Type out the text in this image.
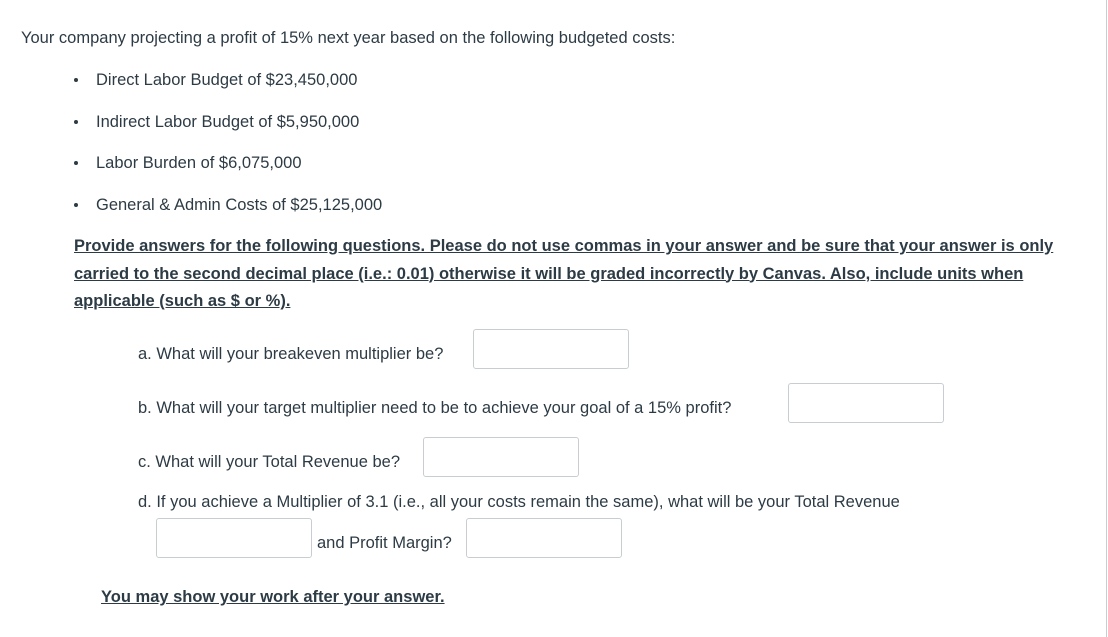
Your company projecting a profit of 15% next year based on the following budgeted costs:
Direct Labor Budget of $23,450,000
Indirect Labor Budget of $5,950,000
Labor Burden of $6,075,000
General & Admin Costs of $25,125,000
Provide answers for the following questions. Please do not use commas in your answer and be sure that your answer is only carried to the second decimal place (i.e.: 0.01) otherwise it will be graded incorrectly by Canvas. Also, include units when applicable (such as $ or %).
a. What will your breakeven multiplier be?
b. What will your target multiplier need to be to achieve your goal of a 15% profit?
c. What will your Total Revenue be?
d. If you achieve a Multiplier of 3.1 (i.e., all your costs remain the same), what will be your Total Revenue
and Profit Margin?
You may show your work after your answer.
